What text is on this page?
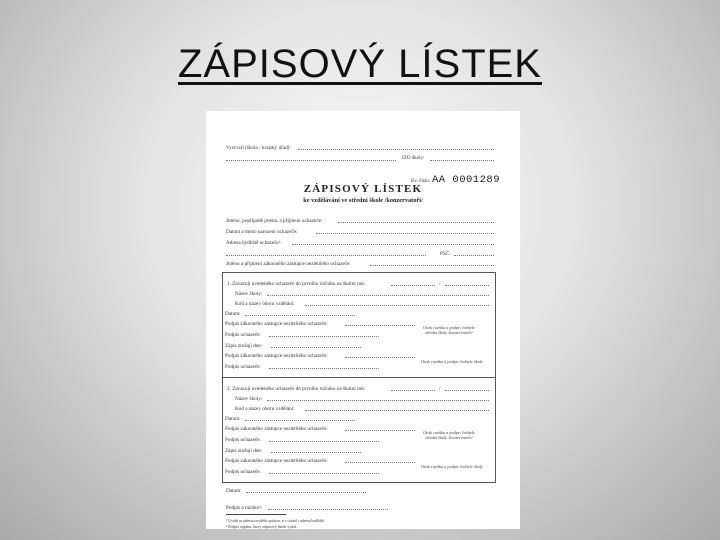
ZÁPISOVÝ LÍSTEK
Vyscvzil (škola / krajský úřad):
IZO školy:
Ev. číslo: AA 0001289
ZÁPISOVÝ LÍSTEK
ke vzdělávání ve střední škole /konzervatoři/
Jméno, popřípadě jména, a příjmení uchazeče:
Datum a místo narození uchazeče:
Adresa bydliště uchazeče¹:
PSČ:
Jméno a příjmení zákonného zástupce nezletilého uchazeče:
1. Zavazuji uvedeného uchazeče do prvního ročníku na školní rok:	/
Název školy:
Kód a název oboru vzdělání:
Datum:
Podpis zákonného zástupce nezletilého uchazeče:
Podpis uchazeče:
Otisk razítka a podpis ředitele
střední školy /konzervatoře/
Zápis zrušuji dne:
Podpis zákonného zástupce nezletilého uchazeče:
Otisk razítka a podpis ředitele školy
Podpis uchazeče:
2. Zavazuji uvedeného uchazeče do prvního ročníku na školní rok:	/
Název školy:
Kód a název oboru vzdělání:
Datum:
Podpis zákonného zástupce nezletilého uchazeče:
Podpis uchazeče:
Otisk razítka a podpis ředitele
střední školy /konzervatoře/
Zápis zrušuji dne:
Podpis zákonného zástupce nezletilého uchazeče:
Otisk razítka a podpis ředitele školy
Podpis uchazeče:
Datum:
Podpis a razítko²:
¹ Uvádí se adresa trvalého pobytu, a v cizině i adresa bydliště.
² Podpis orgánu, který zápisový lístek vydal.
